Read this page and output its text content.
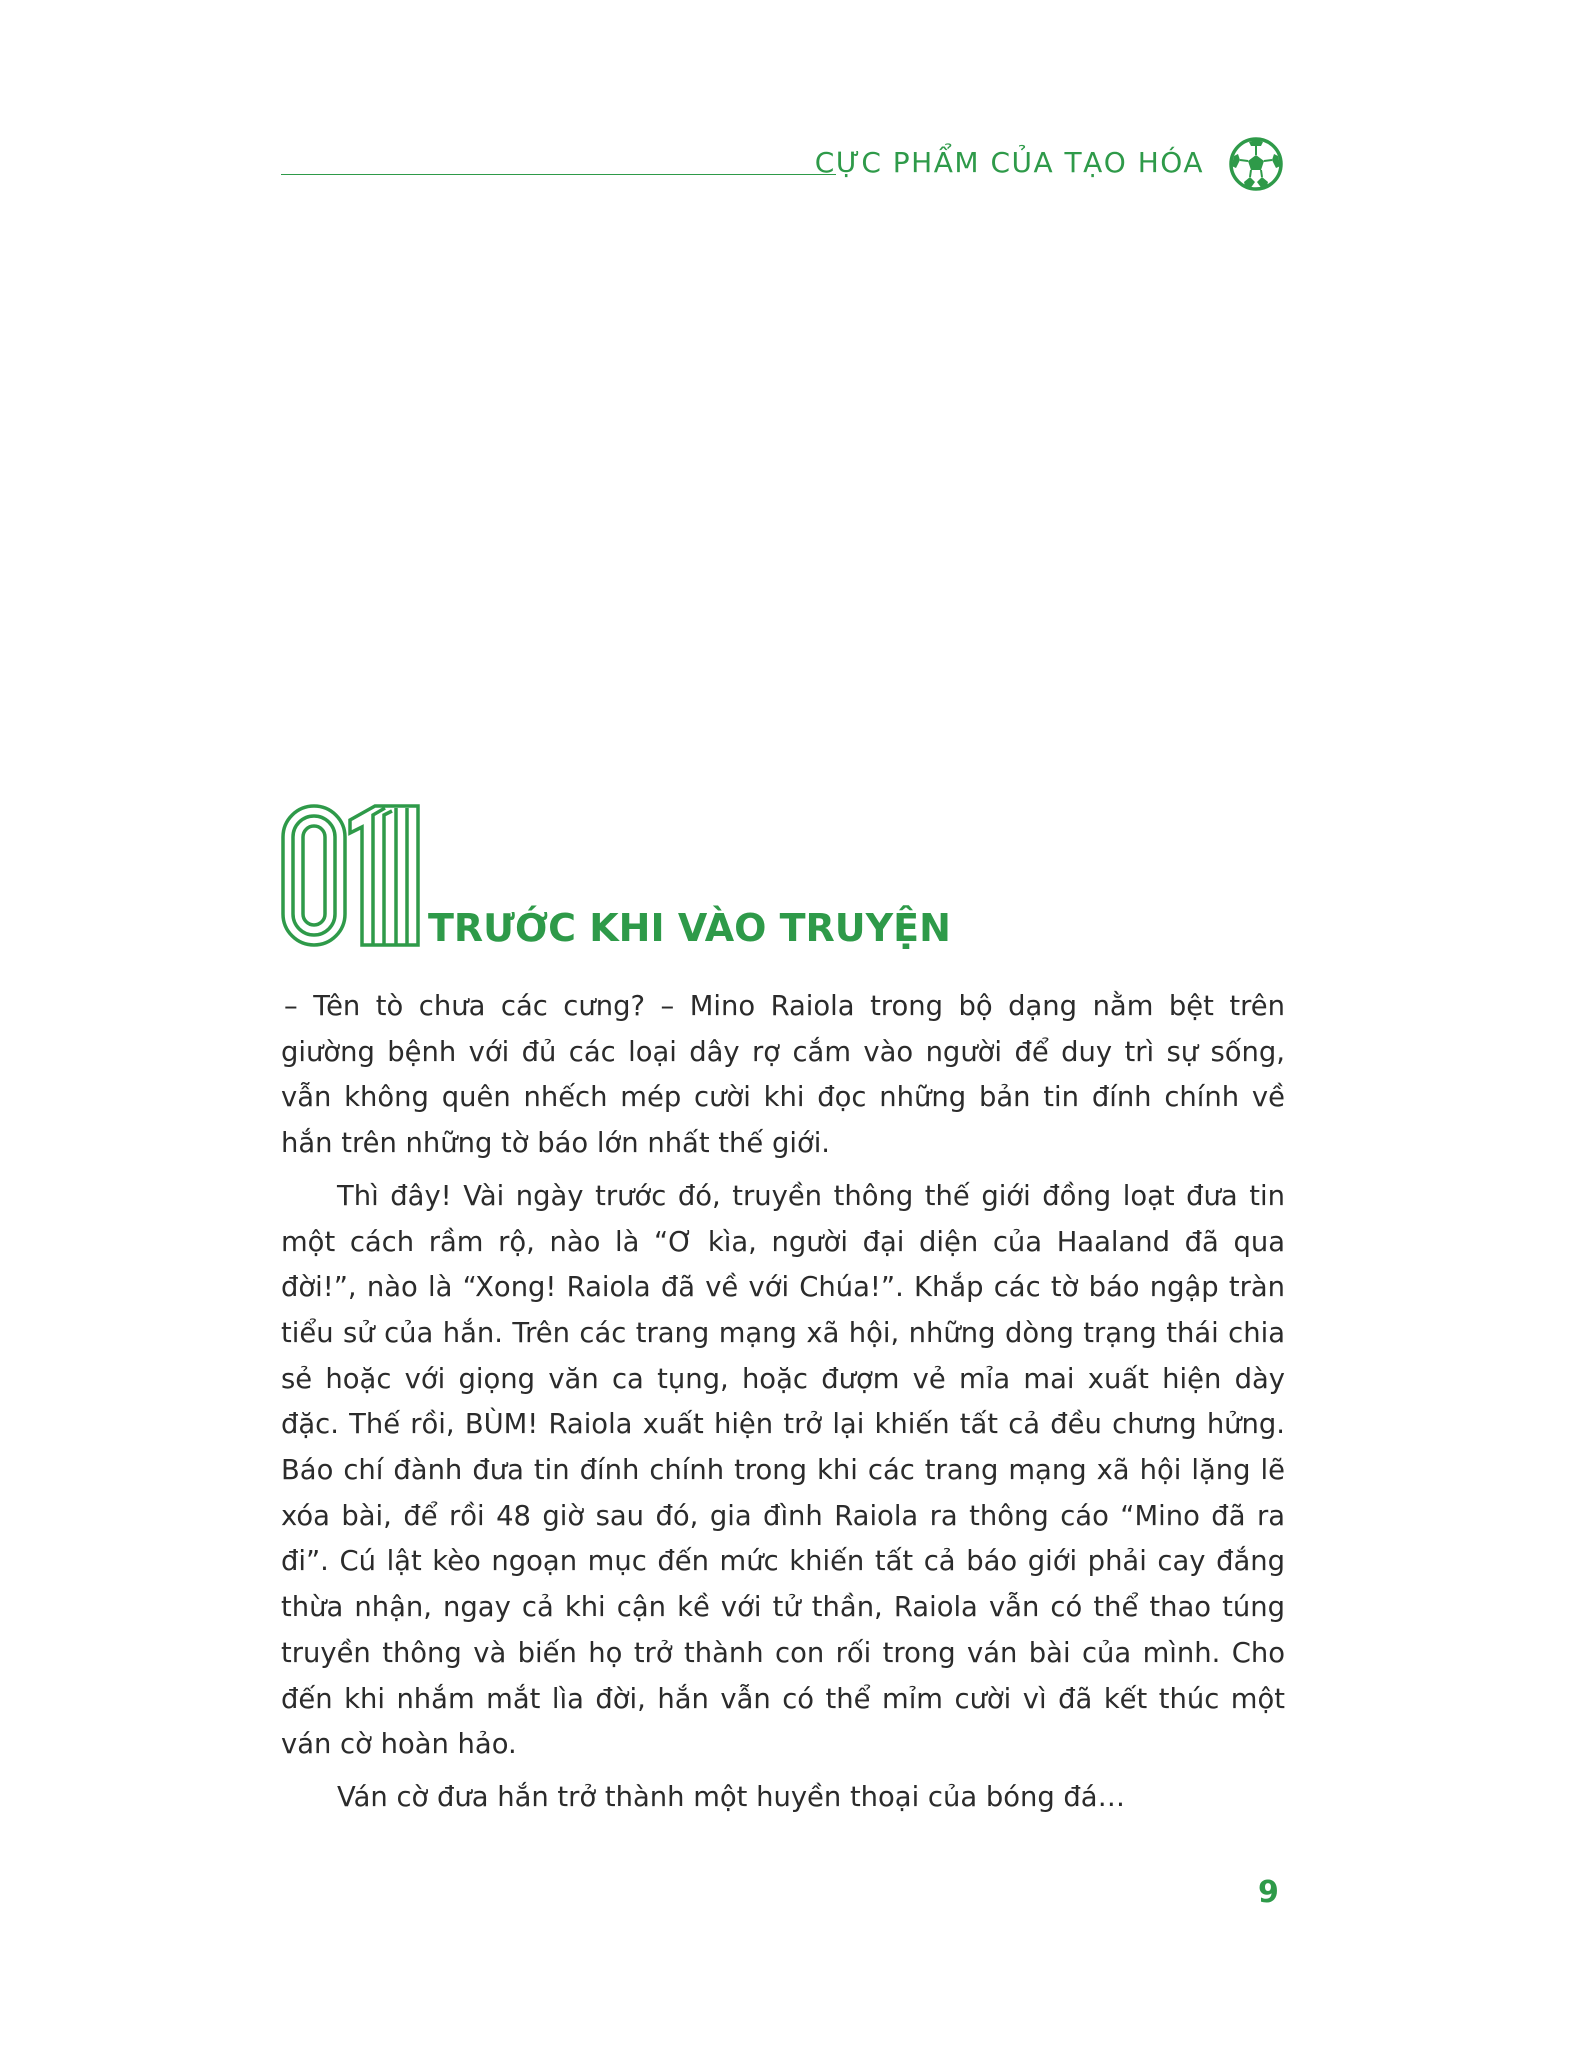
CỰC PHẨM CỦA TẠO HÓA
TRƯỚC KHI VÀO TRUYỆN

– Tên tò chưa các cưng? – Mino Raiola trong bộ dạng nằm bệt trên giường bệnh với đủ các loại dây rợ cắm vào người để duy trì sự sống, vẫn không quên nhếch mép cười khi đọc những bản tin đính chính về hắn trên những tờ báo lớn nhất thế giới.

Thì đây! Vài ngày trước đó, truyền thông thế giới đồng loạt đưa tin một cách rầm rộ, nào là “Ơ kìa, người đại diện của Haaland đã qua đời!”, nào là “Xong! Raiola đã về với Chúa!”. Khắp các tờ báo ngập tràn tiểu sử của hắn. Trên các trang mạng xã hội, những dòng trạng thái chia sẻ hoặc với giọng văn ca tụng, hoặc đượm vẻ mỉa mai xuất hiện dày đặc. Thế rồi, BÙM! Raiola xuất hiện trở lại khiến tất cả đều chưng hửng. Báo chí đành đưa tin đính chính trong khi các trang mạng xã hội lặng lẽ xóa bài, để rồi 48 giờ sau đó, gia đình Raiola ra thông cáo “Mino đã ra đi”. Cú lật kèo ngoạn mục đến mức khiến tất cả báo giới phải cay đắng thừa nhận, ngay cả khi cận kề với tử thần, Raiola vẫn có thể thao túng truyền thông và biến họ trở thành con rối trong ván bài của mình. Cho đến khi nhắm mắt lìa đời, hắn vẫn có thể mỉm cười vì đã kết thúc một ván cờ hoàn hảo.

Ván cờ đưa hắn trở thành một huyền thoại của bóng đá…

9
